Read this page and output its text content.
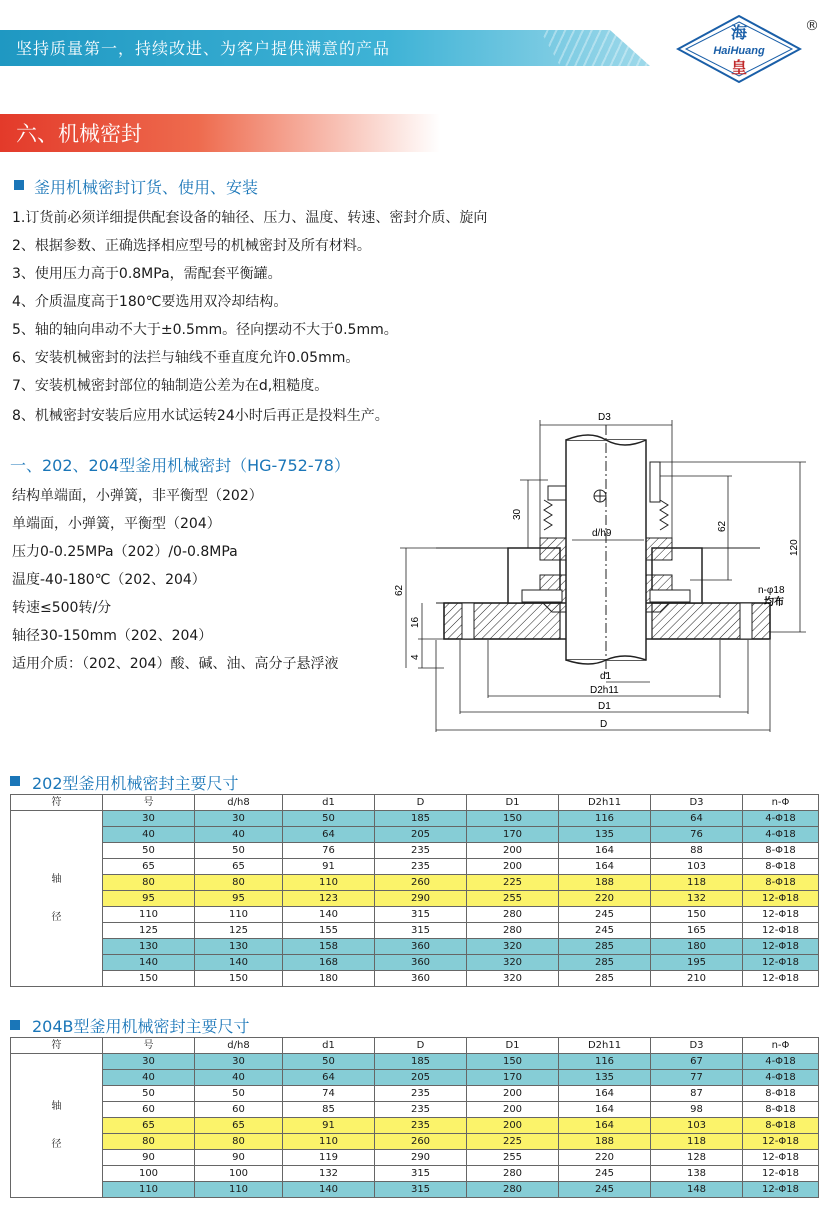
坚持质量第一，持续改进、为客户提供满意的产品
海
HaiHuang
皇
®
六、机械密封
釜用机械密封订货、使用、安装
1.订货前必须详细提供配套设备的轴径、压力、温度、转速、密封介质、旋向
2、根据参数、正确选择相应型号的机械密封及所有材料。
3、使用压力高于0.8MPa，需配套平衡罐。
4、介质温度高于180℃要选用双冷却结构。
5、轴的轴向串动不大于±0.5mm。径向摆动不大于0.5mm。
6、安装机械密封的法拦与轴线不垂直度允许0.05mm。
7、安装机械密封部位的轴制造公差为在d,粗糙度。
8、机械密封安装后应用水试运转24小时后再正是投料生产。
一、202、204型釜用机械密封（HG-752-78）
结构单端面，小弹簧，非平衡型（202）
单端面，小弹簧，平衡型（204）
压力0-0.25MPa（202）/0-0.8MPa
温度-40-180℃（202、204）
转速≤500转/分
轴径30-150mm（202、204）
适用介质：（202、204）酸、碱、油、高分子悬浮液
D3
d/h9
d1
D2h11
D1
D
30
62
120
62
16
4
n-φ18
均布
202型釜用机械密封主要尺寸
符	号	d/h8	d1	D	D1	D2h11	D3	n-Φ

轴
径	30	30	50	185	150	116	64	4-Φ18
	40	40	64	205	170	135	76	4-Φ18
	50	50	76	235	200	164	88	8-Φ18
	65	65	91	235	200	164	103	8-Φ18
	80	80	110	260	225	188	118	8-Φ18
	95	95	123	290	255	220	132	12-Φ18
	110	110	140	315	280	245	150	12-Φ18
	125	125	155	315	280	245	165	12-Φ18
	130	130	158	360	320	285	180	12-Φ18
	140	140	168	360	320	285	195	12-Φ18
	150	150	180	360	320	285	210	12-Φ18
204B型釜用机械密封主要尺寸
符	号	d/h8	d1	D	D1	D2h11	D3	n-Φ

轴
径	30	30	50	185	150	116	67	4-Φ18
	40	40	64	205	170	135	77	4-Φ18
	50	50	74	235	200	164	87	8-Φ18
	60	60	85	235	200	164	98	8-Φ18
	65	65	91	235	200	164	103	8-Φ18
	80	80	110	260	225	188	118	12-Φ18
	90	90	119	290	255	220	128	12-Φ18
	100	100	132	315	280	245	138	12-Φ18
	110	110	140	315	280	245	148	12-Φ18
